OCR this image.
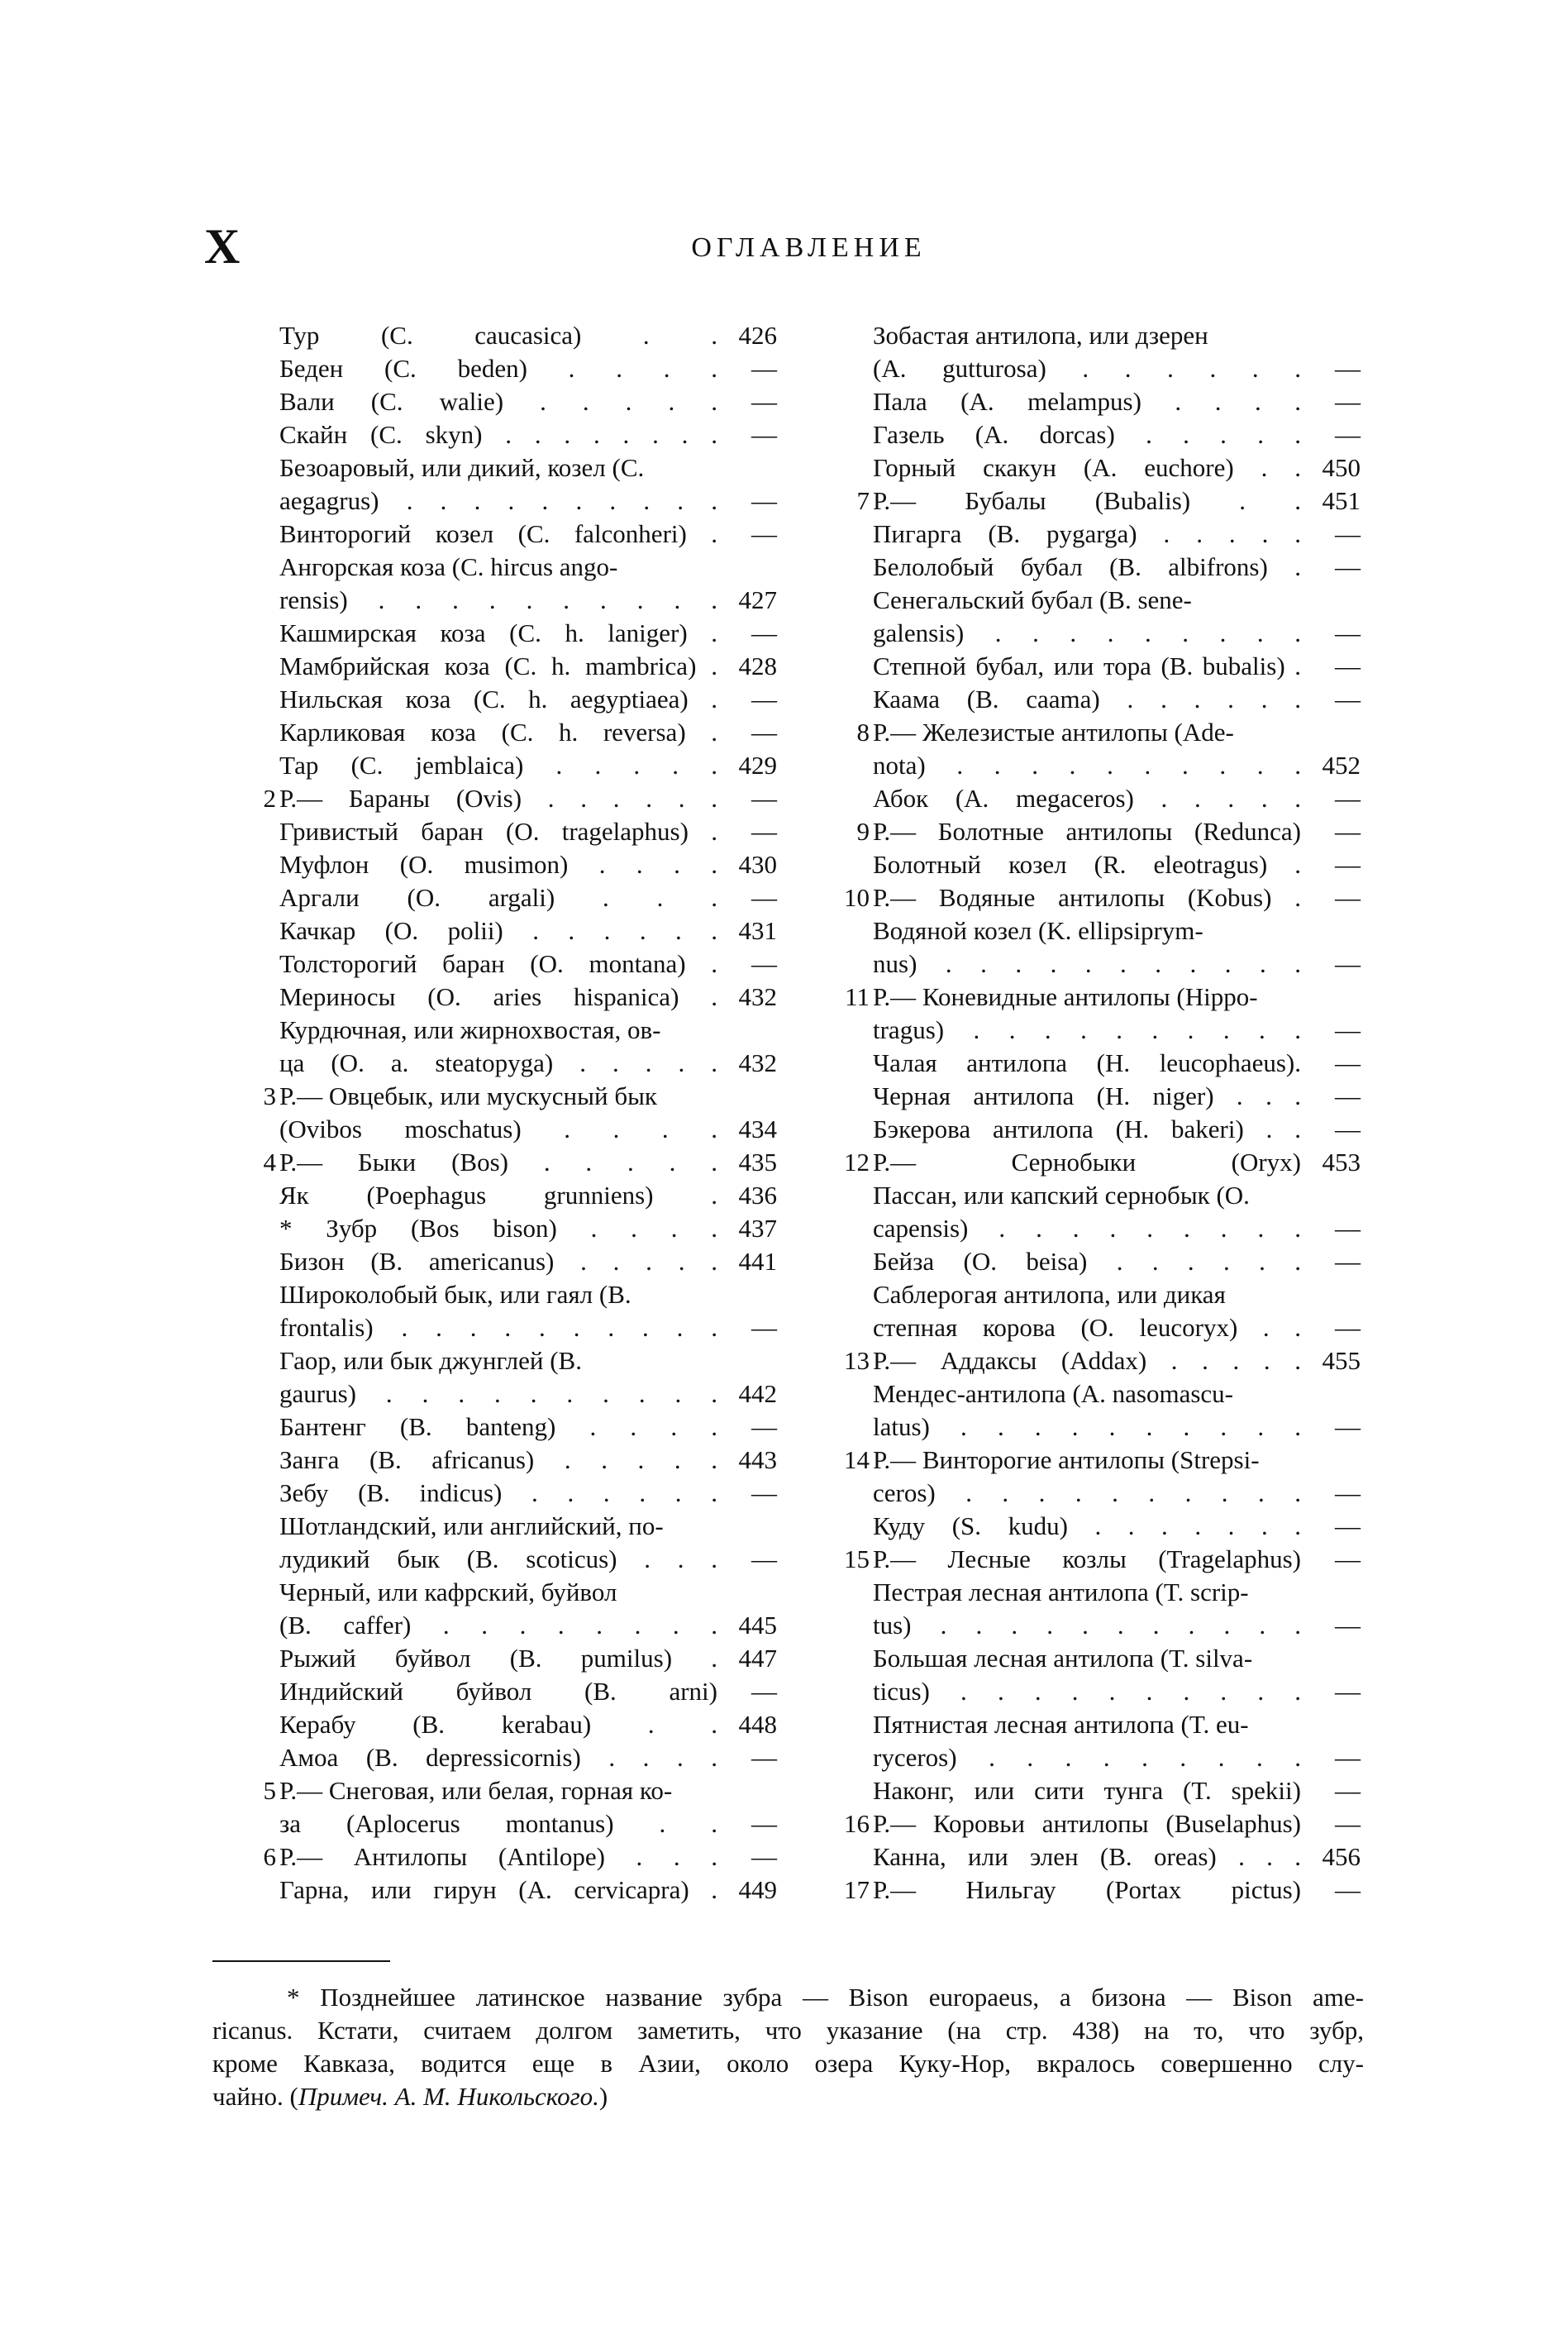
X	ОГЛАВЛЕНИЕ
Тур (C. caucasica) . . 426
Беден (C. beden) . . . .	—
Вали (C. walie) . . . . .	—
Скайн (C. skyn) . . . . . . . .	—
Безоаровый, или дикий, козел (C.
aegagrus) . . . . . . . . . .	—
Винторогий козел (C. falconheri) .	—
Ангорская коза (C. hircus ango-
rensis) . . . . . . . . . . 427
Кашмирская коза (C. h. laniger) .	—
Мамбрийская коза (C. h. mambrica) . 428
Нильская коза (C. h. aegyptiaea) .	—
Карликовая коза (C. h. reversa) .	—
Тар (C. jemblaica) . . . . . 429
2 Р.— Бараны (Ovis) . . . . . .	—
Гривистый баран (O. tragelaphus) .	—
Муфлон (O. musimon) . . . . 430
Аргали (O. argali) . . .	—
Качкар (O. polii) . . . . . . 431
Толсторогий баран (O. montana) .	—
Мериносы (O. aries hispanica) . 432
Курдючная, или жирнохвостая, ов-
ца (O. a. steatopyga) . . . . . 432
3 Р.— Овцебык, или мускусный бык
(Ovibos moschatus) . . . . 434
4 Р.— Быки (Bos) . . . . . 435
Як (Poephagus grunniens) . 436
* Зубр (Bos bison) . . . . 437
Бизон (B. americanus) . . . . . 441
Широколобый бык, или гаял (B.
frontalis) . . . . . . . . . .	—
Гаор, или бык джунглей (B.
gaurus) . . . . . . . . . . 442
Бантенг (B. banteng) . . . .	—
Занга (B. africanus) . . . . . 443
Зебу (B. indicus) . . . . . .	—
Шотландский, или английский, по-
лудикий бык (B. scoticus) . . .	—
Черный, или кафрский, буйвол
(B. caffer) . . . . . . . . 445
Рыжий буйвол (B. pumilus) . 447
Индийский буйвол (B. arni)	—
Керабу (B. kerabau) . . 448
Амоа (B. depressicornis) . . . .	—
5 Р.— Снеговая, или белая, горная ко-
за (Aplocerus montanus) . .	—
6 Р.— Антилопы (Antilope) . . .	—
Гарна, или гирун (A. cervicapra) . 449
Зобастая антилопа, или дзерен
(A. gutturosa) . . . . . .	—
Пала (A. melampus) . . . .	—
Газель (A. dorcas) . . . . .	—
Горный скакун (A. euchore) . . 450
7 Р.— Бубалы (Bubalis) . . 451
Пигарга (B. pygarga) . . . . .	—
Белолобый бубал (B. albifrons) .	—
Сенегальский бубал (B. sene-
galensis) . . . . . . . . .	—
Степной бубал, или тора (B. bubalis) .	—
Каама (B. caama) . . . . . .	—
8 Р.— Железистые антилопы (Ade-
nota) . . . . . . . . . . 452
Абок (A. megaceros) . . . . .	—
9 Р.— Болотные антилопы (Redunca)	—
Болотный козел (R. eleotragus) .	—
10 Р.— Водяные антилопы (Kobus) .	—
Водяной козел (K. ellipsiprym-
nus) . . . . . . . . . . .	—
11 Р.— Коневидные антилопы (Hippo-
tragus) . . . . . . . . . .	—
Чалая антилопа (H. leucophaeus).	—
Черная антилопа (H. niger) . . .	—
Бэкерова антилопа (H. bakeri) . .	—
12 Р.— Сернобыки (Oryx) 453
Пассан, или капский сернобык (O.
capensis) . . . . . . . . .	—
Бейза (O. beisa) . . . . . .	—
Саблерогая антилопа, или дикая
степная корова (O. leucoryx) . .	—
13 Р.— Аддаксы (Addax) . . . . . 455
Мендес-антилопа (A. nasomascu-
latus) . . . . . . . . . .	—
14 Р.— Винторогие антилопы (Strepsi-
ceros) . . . . . . . . . .	—
Куду (S. kudu) . . . . . . .	—
15 Р.— Лесные козлы (Tragelaphus)	—
Пестрая лесная антилопа (T. scrip-
tus) . . . . . . . . . . .	—
Большая лесная антилопа (T. silva-
ticus) . . . . . . . . . .	—
Пятнистая лесная антилопа (T. eu-
ryceros) . . . . . . . . .	—
Наконг, или сити тунга (T. spekii)	—
16 Р.— Коровьи антилопы (Buselaphus)	—
Канна, или элен (B. oreas) . . . 456
17 Р.— Нильгау (Portax pictus)	—
* Позднейшее латинское название зубра — Bison europaeus, а бизона — Bison ame-
ricanus. Кстати, считаем долгом заметить, что указание (на стр. 438) на то, что зубр,
кроме Кавказа, водится еще в Азии, около озера Куку-Нор, вкралось совершенно слу-
чайно. (Примеч. А. М. Никольского.)
